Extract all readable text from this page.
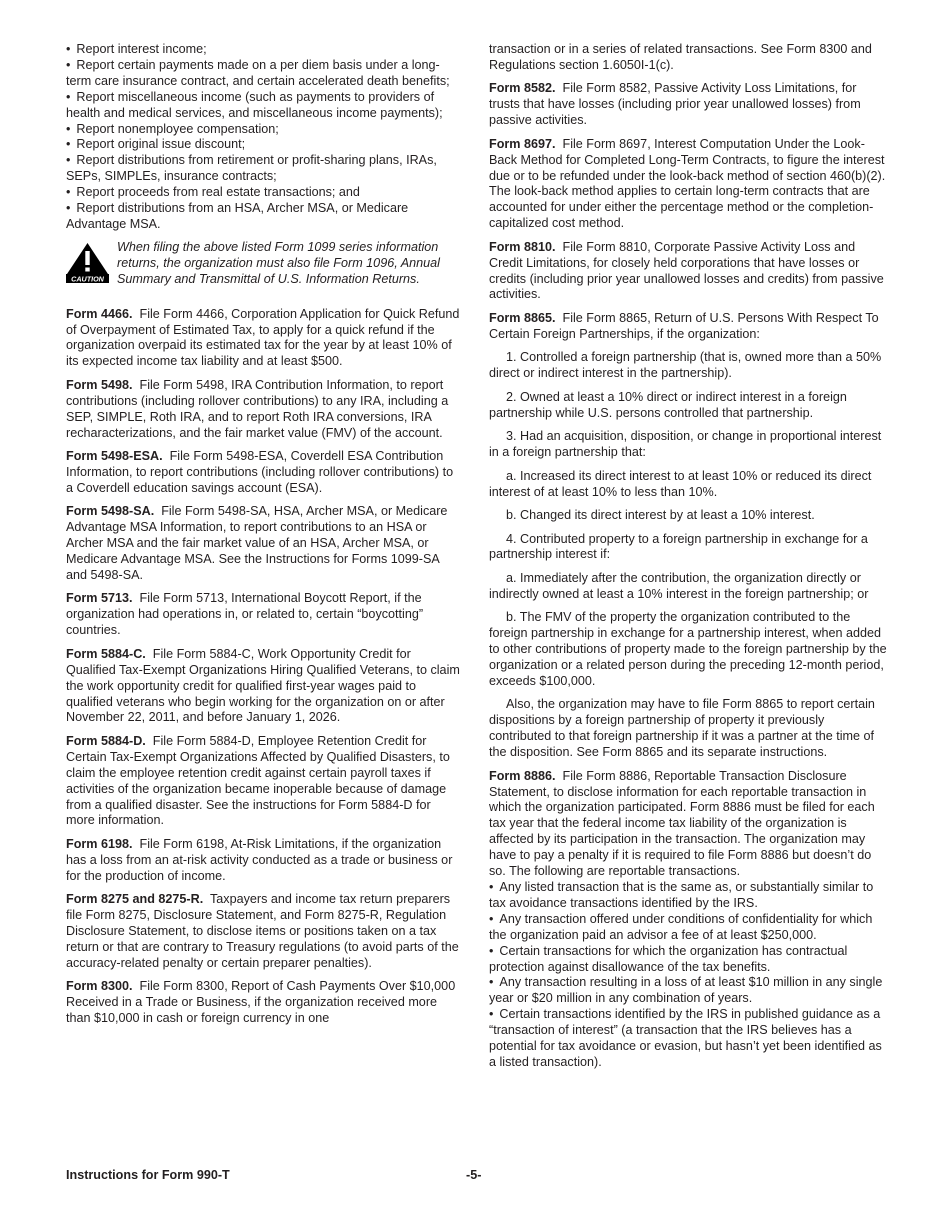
• Report interest income;

• Report certain payments made on a per diem basis under a long-term care insurance contract, and certain accelerated death benefits;

• Report miscellaneous income (such as payments to providers of health and medical services, and miscellaneous income payments);

• Report nonemployee compensation;

• Report original issue discount;

• Report distributions from retirement or profit-sharing plans, IRAs, SEPs, SIMPLEs, insurance contracts;

• Report proceeds from real estate transactions; and

• Report distributions from an HSA, Archer MSA, or Medicare Advantage MSA.

CAUTION
When filing the above listed Form 1099 series information returns, the organization must also file Form 1096, Annual Summary and Transmittal of U.S. Information Returns.

Form 4466. File Form 4466, Corporation Application for Quick Refund of Overpayment of Estimated Tax, to apply for a quick refund if the organization overpaid its estimated tax for the year by at least 10% of its expected income tax liability and at least $500.

Form 5498. File Form 5498, IRA Contribution Information, to report contributions (including rollover contributions) to any IRA, including a SEP, SIMPLE, Roth IRA, and to report Roth IRA conversions, IRA recharacterizations, and the fair market value (FMV) of the account.

Form 5498-ESA. File Form 5498-ESA, Coverdell ESA Contribution Information, to report contributions (including rollover contributions) to a Coverdell education savings account (ESA).

Form 5498-SA. File Form 5498-SA, HSA, Archer MSA, or Medicare Advantage MSA Information, to report contributions to an HSA or Archer MSA and the fair market value of an HSA, Archer MSA, or Medicare Advantage MSA. See the Instructions for Forms 1099-SA and 5498-SA.

Form 5713. File Form 5713, International Boycott Report, if the organization had operations in, or related to, certain “boycotting” countries.

Form 5884-C. File Form 5884-C, Work Opportunity Credit for Qualified Tax-Exempt Organizations Hiring Qualified Veterans, to claim the work opportunity credit for qualified first-year wages paid to qualified veterans who begin working for the organization on or after November 22, 2011, and before January 1, 2026.

Form 5884-D. File Form 5884-D, Employee Retention Credit for Certain Tax-Exempt Organizations Affected by Qualified Disasters, to claim the employee retention credit against certain payroll taxes if activities of the organization became inoperable because of damage from a qualified disaster. See the instructions for Form 5884-D for more information.

Form 6198. File Form 6198, At-Risk Limitations, if the organization has a loss from an at-risk activity conducted as a trade or business or for the production of income.

Form 8275 and 8275-R. Taxpayers and income tax return preparers file Form 8275, Disclosure Statement, and Form 8275-R, Regulation Disclosure Statement, to disclose items or positions taken on a tax return or that are contrary to Treasury regulations (to avoid parts of the accuracy-related penalty or certain preparer penalties).

Form 8300. File Form 8300, Report of Cash Payments Over $10,000 Received in a Trade or Business, if the organization received more than $10,000 in cash or foreign currency in one

transaction or in a series of related transactions. See Form 8300 and Regulations section 1.6050I-1(c).

Form 8582. File Form 8582, Passive Activity Loss Limitations, for trusts that have losses (including prior year unallowed losses) from passive activities.

Form 8697. File Form 8697, Interest Computation Under the Look-Back Method for Completed Long-Term Contracts, to figure the interest due or to be refunded under the look-back method of section 460(b)(2). The look-back method applies to certain long-term contracts that are accounted for under either the percentage method or the completion-capitalized cost method.

Form 8810. File Form 8810, Corporate Passive Activity Loss and Credit Limitations, for closely held corporations that have losses or credits (including prior year unallowed losses and credits) from passive activities.

Form 8865. File Form 8865, Return of U.S. Persons With Respect To Certain Foreign Partnerships, if the organization:

1. Controlled a foreign partnership (that is, owned more than a 50% direct or indirect interest in the partnership).

2. Owned at least a 10% direct or indirect interest in a foreign partnership while U.S. persons controlled that partnership.

3. Had an acquisition, disposition, or change in proportional interest in a foreign partnership that:

a. Increased its direct interest to at least 10% or reduced its direct interest of at least 10% to less than 10%.

b. Changed its direct interest by at least a 10% interest.

4. Contributed property to a foreign partnership in exchange for a partnership interest if:

a. Immediately after the contribution, the organization directly or indirectly owned at least a 10% interest in the foreign partnership; or

b. The FMV of the property the organization contributed to the foreign partnership in exchange for a partnership interest, when added to other contributions of property made to the foreign partnership by the organization or a related person during the preceding 12-month period, exceeds $100,000.

Also, the organization may have to file Form 8865 to report certain dispositions by a foreign partnership of property it previously contributed to that foreign partnership if it was a partner at the time of the disposition. See Form 8865 and its separate instructions.

Form 8886. File Form 8886, Reportable Transaction Disclosure Statement, to disclose information for each reportable transaction in which the organization participated. Form 8886 must be filed for each tax year that the federal income tax liability of the organization is affected by its participation in the transaction. The organization may have to pay a penalty if it is required to file Form 8886 but doesn’t do so. The following are reportable transactions.

• Any listed transaction that is the same as, or substantially similar to tax avoidance transactions identified by the IRS.

• Any transaction offered under conditions of confidentiality for which the organization paid an advisor a fee of at least $250,000.

• Certain transactions for which the organization has contractual protection against disallowance of the tax benefits.

• Any transaction resulting in a loss of at least $10 million in any single year or $20 million in any combination of years.

• Certain transactions identified by the IRS in published guidance as a “transaction of interest” (a transaction that the IRS believes has a potential for tax avoidance or evasion, but hasn’t yet been identified as a listed transaction).

Instructions for Form 990-T	-5-
